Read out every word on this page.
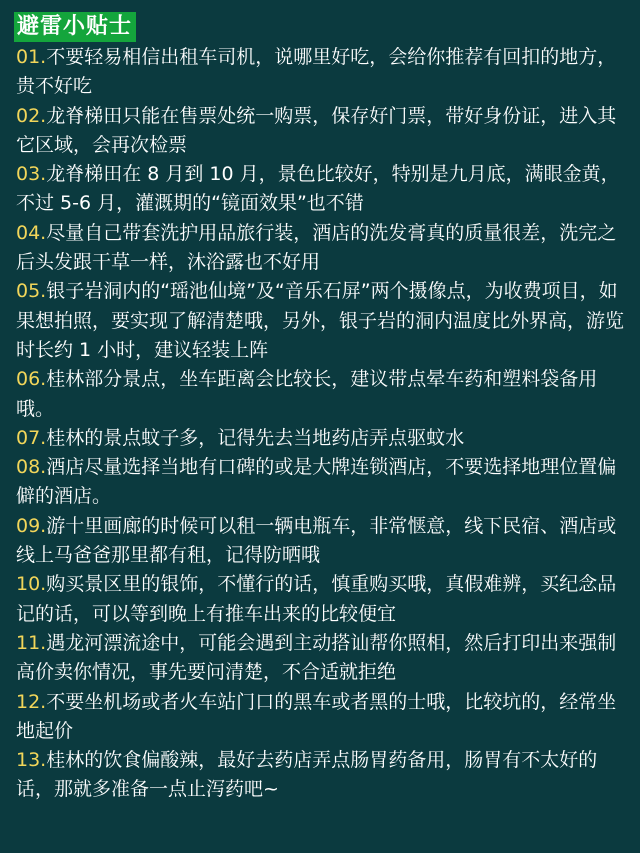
避雷小贴士
01.不要轻易相信出租车司机，说哪里好吃，会给你推荐有回扣的地方，贵不好吃
02.龙脊梯田只能在售票处统一购票，保存好门票，带好身份证，进入其它区域，会再次检票
03.龙脊梯田在 8 月到 10 月，景色比较好，特别是九月底，满眼金黄，不过 5-6 月，灌溉期的“镜面效果”也不错
04.尽量自己带套洗护用品旅行装，酒店的洗发膏真的质量很差，洗完之后头发跟干草一样，沐浴露也不好用
05.银子岩洞内的“瑶池仙境”及“音乐石屏”两个摄像点，为收费项目，如果想拍照，要实现了解清楚哦，另外，银子岩的洞内温度比外界高，游览时长约 1 小时，建议轻装上阵
06.桂林部分景点，坐车距离会比较长，建议带点晕车药和塑料袋备用哦。
07.桂林的景点蚊子多，记得先去当地药店弄点驱蚊水
08.酒店尽量选择当地有口碑的或是大牌连锁酒店，不要选择地理位置偏僻的酒店。
09.游十里画廊的时候可以租一辆电瓶车，非常惬意，线下民宿、酒店或线上马爸爸那里都有租，记得防晒哦
10.购买景区里的银饰，不懂行的话，慎重购买哦，真假难辨，买纪念品记的话，可以等到晚上有推车出来的比较便宜
11.遇龙河漂流途中，可能会遇到主动搭讪帮你照相，然后打印出来强制高价卖你情况，事先要问清楚，不合适就拒绝
12.不要坐机场或者火车站门口的黑车或者黑的士哦，比较坑的，经常坐地起价
13.桂林的饮食偏酸辣，最好去药店弄点肠胃药备用，肠胃有不太好的话，那就多准备一点止泻药吧~
